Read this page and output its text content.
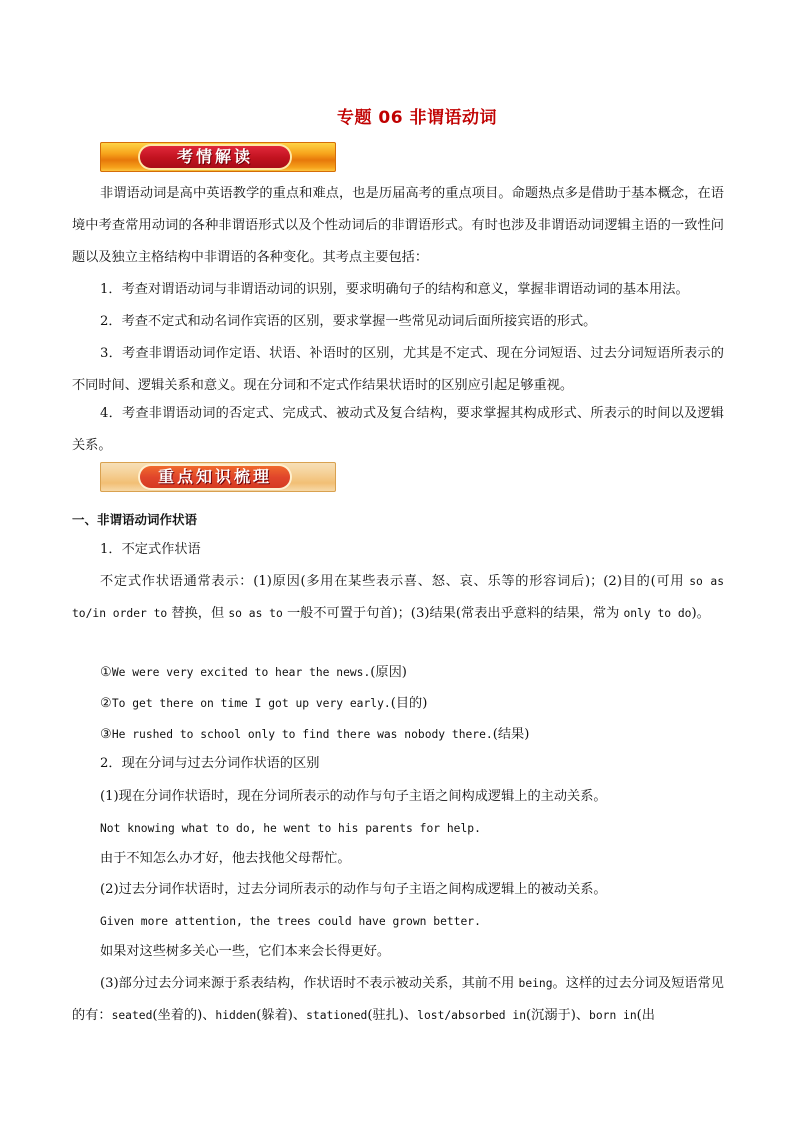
专题 06 非谓语动词
考情解读
非谓语动词是高中英语教学的重点和难点，也是历届高考的重点项目。命题热点多是借助于基本概念，在语境中考查常用动词的各种非谓语形式以及个性动词后的非谓语形式。有时也涉及非谓语动词逻辑主语的一致性问题以及独立主格结构中非谓语的各种变化。其考点主要包括：
1．考查对谓语动词与非谓语动词的识别，要求明确句子的结构和意义，掌握非谓语动词的基本用法。
2．考查不定式和动名词作宾语的区别，要求掌握一些常见动词后面所接宾语的形式。
3．考查非谓语动词作定语、状语、补语时的区别，尤其是不定式、现在分词短语、过去分词短语所表示的不同时间、逻辑关系和意义。现在分词和不定式作结果状语时的区别应引起足够重视。
4．考查非谓语动词的否定式、完成式、被动式及复合结构，要求掌握其构成形式、所表示的时间以及逻辑关系。
重点知识梳理
一、非谓语动词作状语
1．不定式作状语
不定式作状语通常表示：(1)原因(多用在某些表示喜、怒、哀、乐等的形容词后)；(2)目的(可用 so as to/in order to 替换，但 so as to 一般不可置于句首)；(3)结果(常表出乎意料的结果，常为 only to do)。
①We were very excited to hear the news.(原因)
②To get there on time I got up very early.(目的)
③He rushed to school only to find there was nobody there.(结果)
2．现在分词与过去分词作状语的区别
(1)现在分词作状语时，现在分词所表示的动作与句子主语之间构成逻辑上的主动关系。
Not knowing what to do, he went to his parents for help.
由于不知怎么办才好，他去找他父母帮忙。
(2)过去分词作状语时，过去分词所表示的动作与句子主语之间构成逻辑上的被动关系。
Given more attention, the trees could have grown better.
如果对这些树多关心一些，它们本来会长得更好。
(3)部分过去分词来源于系表结构，作状语时不表示被动关系，其前不用 being。这样的过去分词及短语常见的有：seated(坐着的)、hidden(躲着)、stationed(驻扎)、lost/absorbed in(沉溺于)、born in(出
